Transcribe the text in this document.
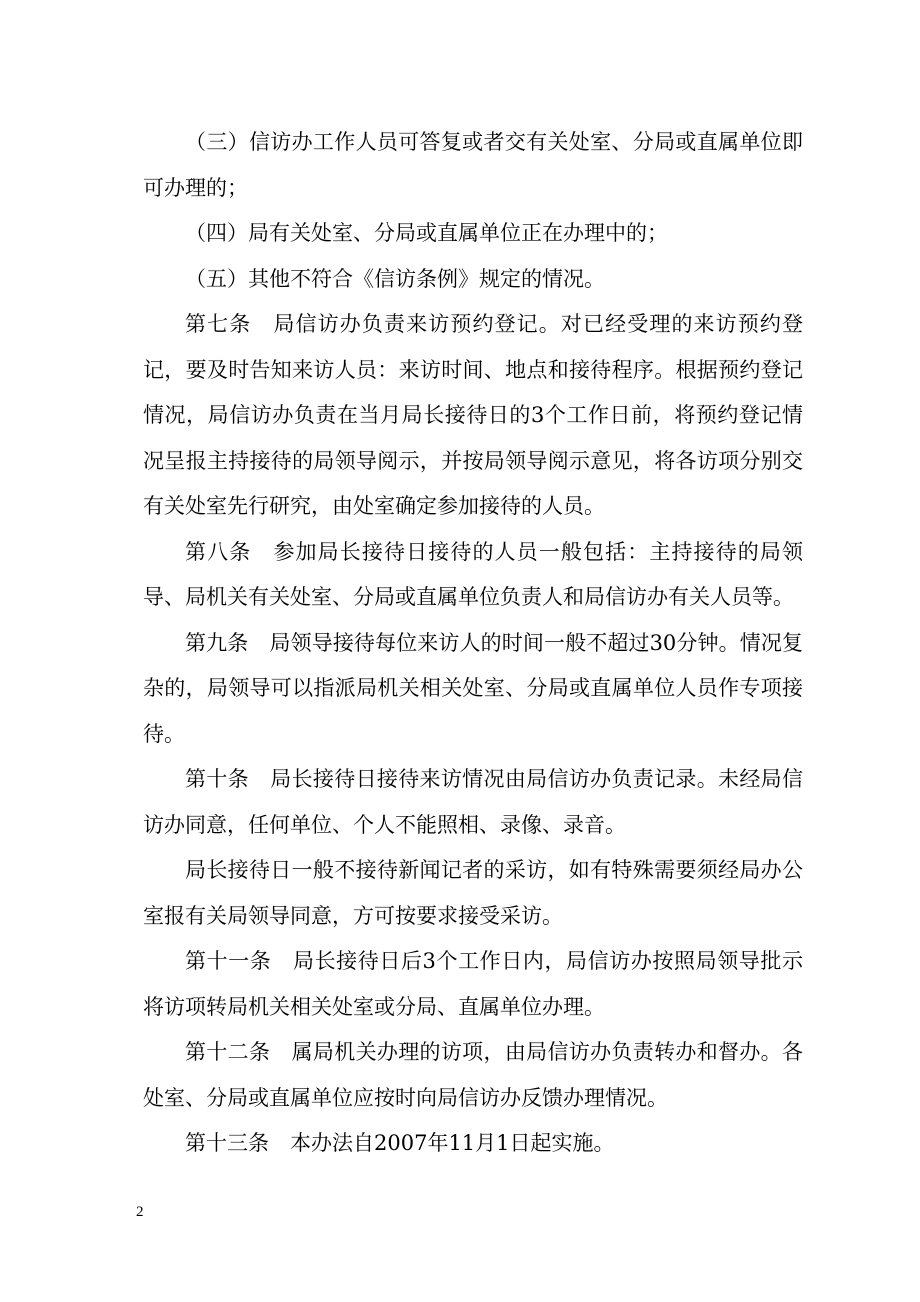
（三）信访办工作人员可答复或者交有关处室、分局或直属单位即可办理的；

（四）局有关处室、分局或直属单位正在办理中的；

（五）其他不符合《信访条例》规定的情况。

第七条　局信访办负责来访预约登记。对已经受理的来访预约登记，要及时告知来访人员：来访时间、地点和接待程序。根据预约登记情况，局信访办负责在当月局长接待日的3个工作日前，将预约登记情况呈报主持接待的局领导阅示，并按局领导阅示意见，将各访项分别交有关处室先行研究，由处室确定参加接待的人员。

第八条　参加局长接待日接待的人员一般包括：主持接待的局领导、局机关有关处室、分局或直属单位负责人和局信访办有关人员等。

第九条　局领导接待每位来访人的时间一般不超过30分钟。情况复杂的，局领导可以指派局机关相关处室、分局或直属单位人员作专项接待。

第十条　局长接待日接待来访情况由局信访办负责记录。未经局信访办同意，任何单位、个人不能照相、录像、录音。

局长接待日一般不接待新闻记者的采访，如有特殊需要须经局办公室报有关局领导同意，方可按要求接受采访。

第十一条　局长接待日后3个工作日内，局信访办按照局领导批示将访项转局机关相关处室或分局、直属单位办理。

第十二条　属局机关办理的访项，由局信访办负责转办和督办。各处室、分局或直属单位应按时向局信访办反馈办理情况。

第十三条　本办法自2007年11月1日起实施。

2
